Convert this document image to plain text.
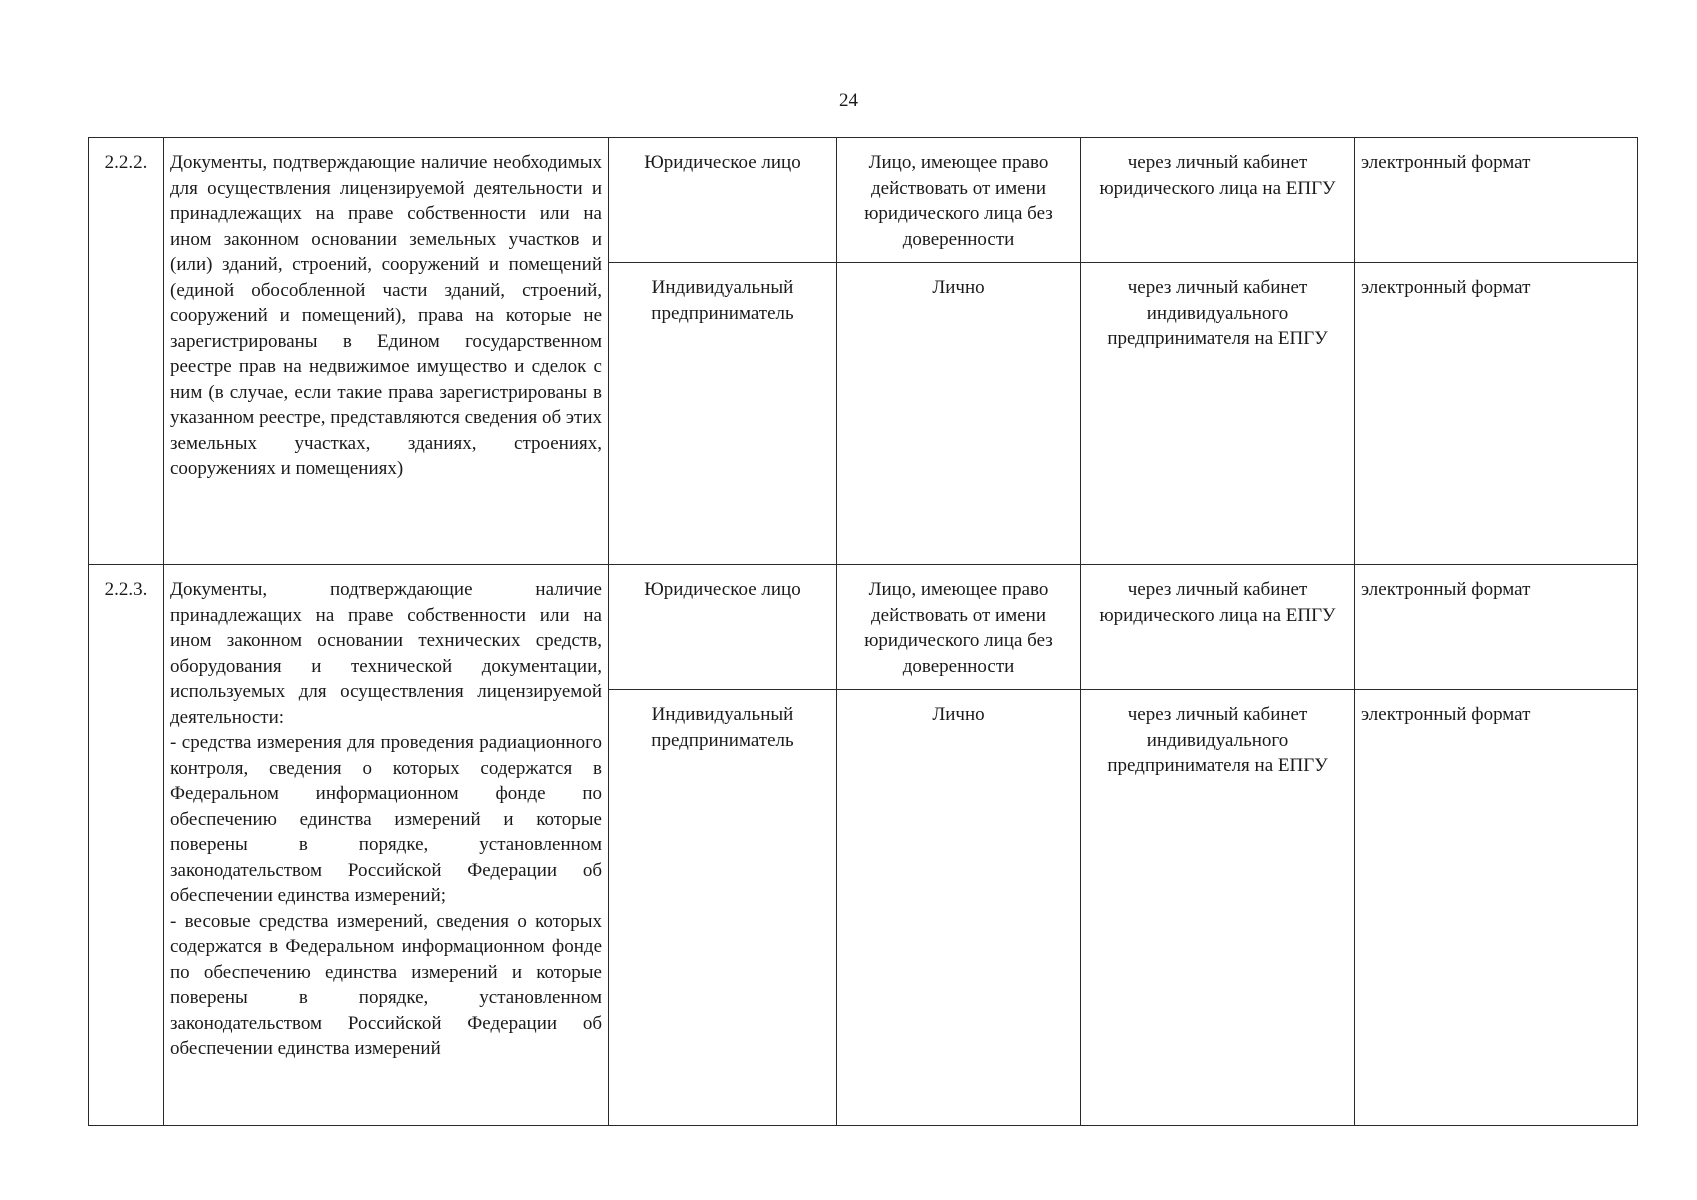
24
2.2.2.	Документы, подтверждающие наличие необходимых для осуществления лицензируемой деятельности и принадлежащих на праве собственности или на ином законном основании земельных участков и (или) зданий, строений, сооружений и помещений (единой обособленной части зданий, строений, сооружений и помещений), права на которые не зарегистрированы в Едином государственном реестре прав на недвижимое имущество и сделок с ним (в случае, если такие права зарегистрированы в указанном реестре, представляются сведения об этих земельных участках, зданиях, строениях, сооружениях и помещениях)	Юридическое лицо	Лицо, имеющее право действовать от имени юридического лица без доверенности	через личный кабинет юридического лица на ЕПГУ	электронный формат
		Индивидуальный предприниматель	Лично	через личный кабинет индивидуального предпринимателя на ЕПГУ	электронный формат
2.2.3.	Документы, подтверждающие наличие принадлежащих на праве собственности или на ином законном основании технических средств, оборудования и технической документации, используемых для осуществления лицензируемой деятельности:

- средства измерения для проведения радиационного контроля, сведения о которых содержатся в Федеральном информационном фонде по обеспечению единства измерений и которые поверены в порядке, установленном законодательством Российской Федерации об обеспечении единства измерений;

- весовые средства измерений, сведения о которых содержатся в Федеральном информационном фонде по обеспечению единства измерений и которые поверены в порядке, установленном законодательством Российской Федерации об обеспечении единства измерений	Юридическое лицо	Лицо, имеющее право действовать от имени юридического лица без доверенности	через личный кабинет юридического лица на ЕПГУ	электронный формат
		Индивидуальный предприниматель	Лично	через личный кабинет индивидуального предпринимателя на ЕПГУ	электронный формат
